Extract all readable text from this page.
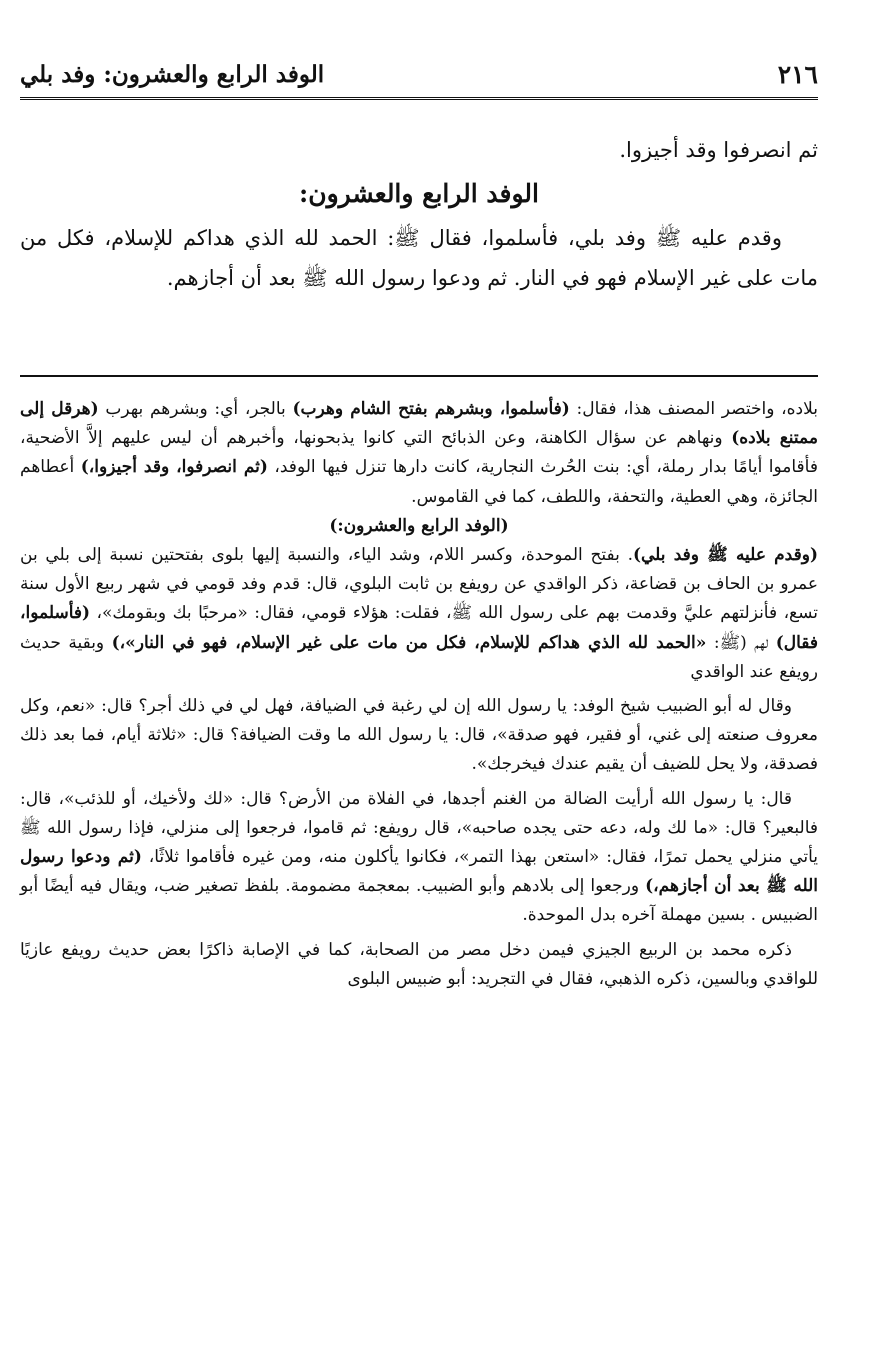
٢١٦
الوفد الرابع والعشرون: وفد بلي

ثم انصرفوا وقد أجيزوا.

الوفد الرابع والعشرون:

وقدم عليه ﷺ وفد بلي، فأسلموا، فقال ﷺ: الحمد لله الذي هداكم للإسلام، فكل من مات على غير الإسلام فهو في النار. ثم ودعوا رسول الله ﷺ بعد أن أجازهم.

بلاده، واختصر المصنف هذا، فقال: (فأسلموا، وبشرهم بفتح الشام وهرب) بالجر، أي: وبشرهم بهرب (هرقل إلى ممتنع بلاده) ونهاهم عن سؤال الكاهنة، وعن الذبائح التي كانوا يذبحونها، وأخبرهم أن ليس عليهم إلاَّ الأضحية، فأقاموا أيامًا بدار رملة، أي: بنت الحُرث النجارية، كانت دارها تنزل فيها الوفد، (ثم انصرفوا، وقد أجيزوا،) أعطاهم الجائزة، وهي العطية، والتحفة، واللطف، كما في القاموس.

(الوفد الرابع والعشرون:)

(وقدم عليه ﷺ وفد بلي). بفتح الموحدة، وكسر اللام، وشد الياء، والنسبة إليها بلوى بفتحتين نسبة إلى بلي بن عمرو بن الحاف بن قضاعة، ذكر الواقدي عن رويفع بن ثابت البلوي، قال: قدم وفد قومي في شهر ربيع الأول سنة تسع، فأنزلتهم عليَّ وقدمت بهم على رسول الله ﷺ، فقلت: هؤلاء قومي، فقال: «مرحبًا بك وبقومك»، (فأسلموا، فقال) لهم (ﷺ: «الحمد لله الذي هداكم للإسلام، فكل من مات على غير الإسلام، فهو في النار»،) وبقية حديث رويفع عند الواقدي

وقال له أبو الضبيب شيخ الوفد: يا رسول الله إن لي رغبة في الضيافة، فهل لي في ذلك أجر؟ قال: «نعم، وكل معروف صنعته إلى غني، أو فقير، فهو صدقة»، قال: يا رسول الله ما وقت الضيافة؟ قال: «ثلاثة أيام، فما بعد ذلك فصدقة، ولا يحل للضيف أن يقيم عندك فيخرجك».

قال: يا رسول الله أرأيت الضالة من الغنم أجدها، في الفلاة من الأرض؟ قال: «لك ولأخيك، أو للذئب»، قال: فالبعير؟ قال: «ما لك وله، دعه حتى يجده صاحبه»، قال رويفع: ثم قاموا، فرجعوا إلى منزلي، فإذا رسول الله ﷺ يأتي منزلي يحمل تمرًا، فقال: «استعن بهذا التمر»، فكانوا يأكلون منه، ومن غيره فأقاموا ثلاثًا، (ثم ودعوا رسول الله ﷺ بعد أن أجازهم،) ورجعوا إلى بلادهم وأبو الضبيب. بمعجمة مضمومة. بلفظ تصغير ضب، ويقال فيه أيضًا أبو الضبيس . بسين مهملة آخره بدل الموحدة.

ذكره محمد بن الربيع الجيزي فيمن دخل مصر من الصحابة، كما في الإصابة ذاكرًا بعض حديث رويفع عازيًا للواقدي وبالسين، ذكره الذهبي، فقال في التجريد: أبو ضبيس البلوى
